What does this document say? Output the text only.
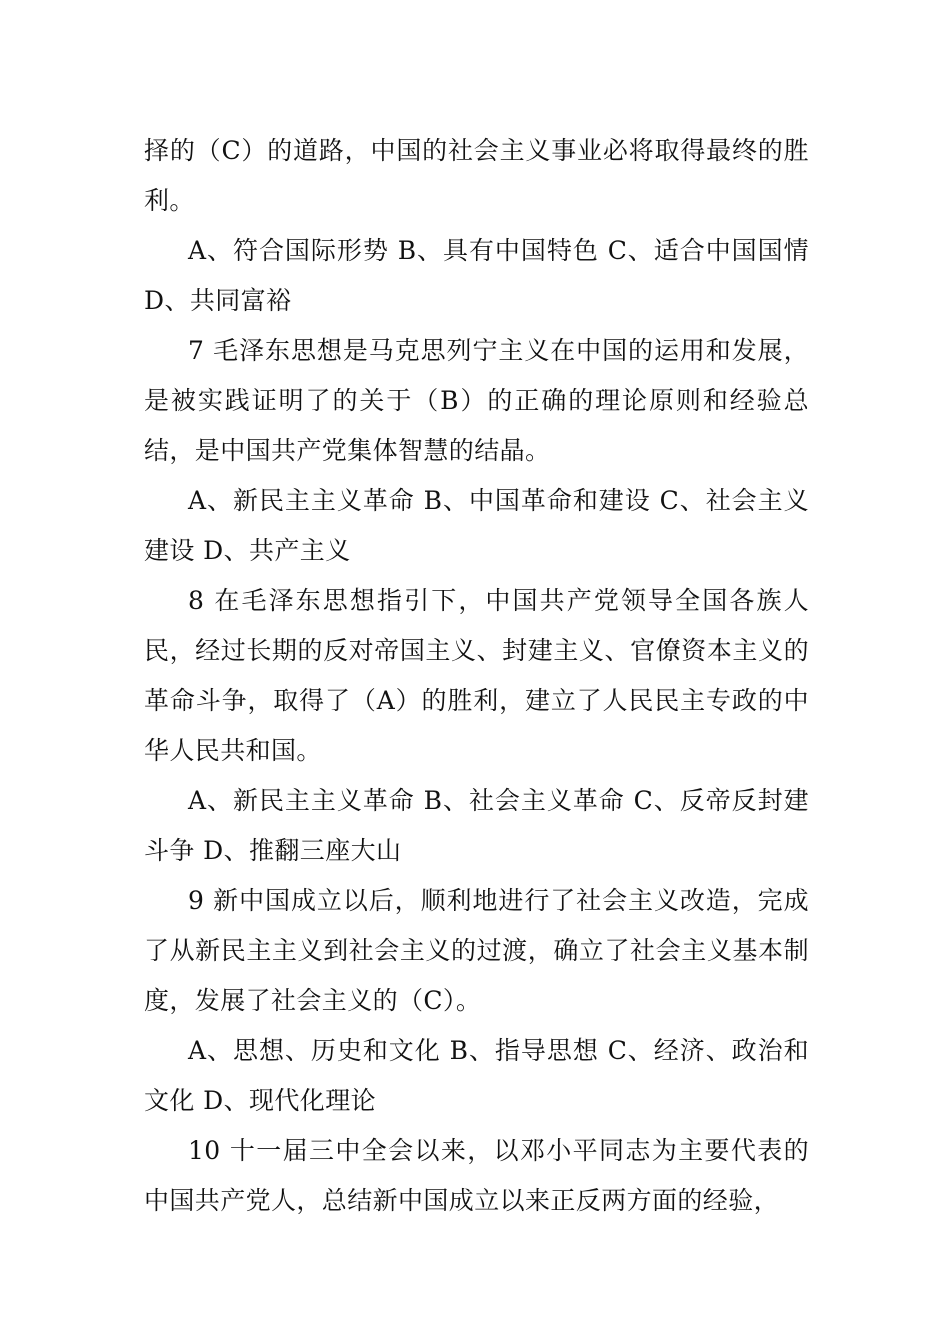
择的（C）的道路，中国的社会主义事业必将取得最终的胜利。

A、符合国际形势 B、具有中国特色 C、适合中国国情 D、共同富裕

7 毛泽东思想是马克思列宁主义在中国的运用和发展，是被实践证明了的关于（B）的正确的理论原则和经验总结，是中国共产党集体智慧的结晶。

A、新民主主义革命 B、中国革命和建设 C、社会主义建设 D、共产主义

8 在毛泽东思想指引下，中国共产党领导全国各族人民，经过长期的反对帝国主义、封建主义、官僚资本主义的革命斗争，取得了（A）的胜利，建立了人民民主专政的中华人民共和国。

A、新民主主义革命 B、社会主义革命 C、反帝反封建斗争 D、推翻三座大山

9 新中国成立以后，顺利地进行了社会主义改造，完成了从新民主主义到社会主义的过渡，确立了社会主义基本制度，发展了社会主义的（C）。

A、思想、历史和文化 B、指导思想 C、经济、政治和文化 D、现代化理论

10 十一届三中全会以来，以邓小平同志为主要代表的中国共产党人，总结新中国成立以来正反两方面的经验，
